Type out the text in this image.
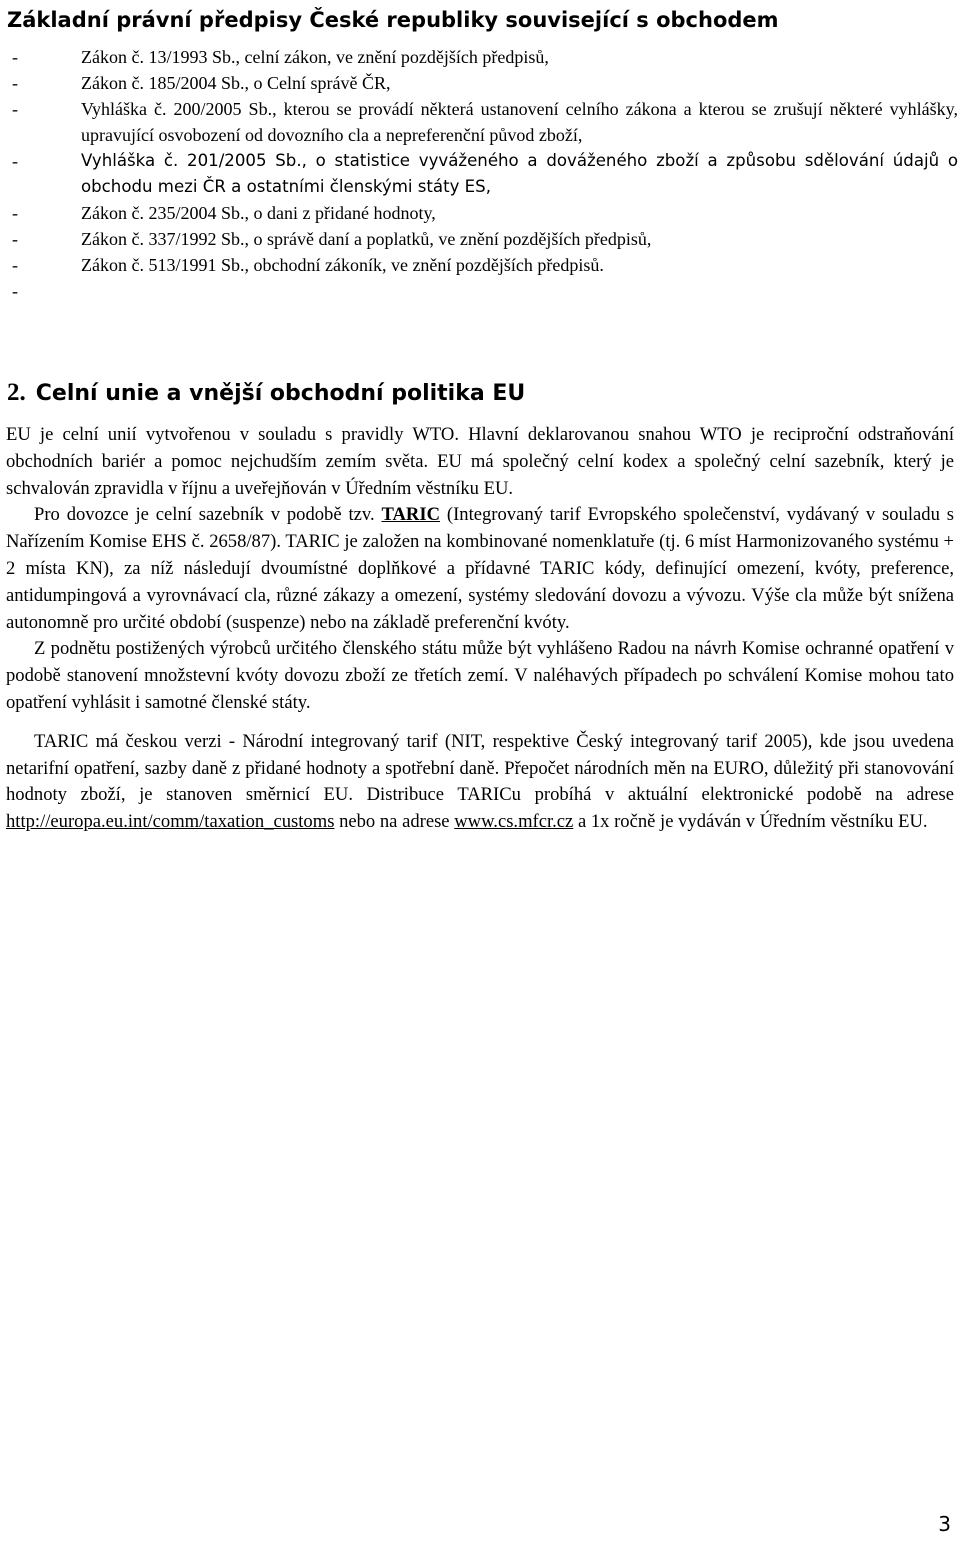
Základní právní předpisy České republiky související s obchodem
-	Zákon č. 13/1993 Sb., celní zákon, ve znění pozdějších předpisů,
-	Zákon č. 185/2004 Sb., o Celní správě ČR,
-	Vyhláška č. 200/2005 Sb., kterou se provádí některá ustanovení celního zákona a kterou se zrušují některé vyhlášky, upravující osvobození od dovozního cla a nepreferenční původ zboží,
-	Vyhláška č. 201/2005 Sb., o statistice vyváženého a dováženého zboží a způsobu sdělování údajů o obchodu mezi ČR a ostatními členskými státy ES,
-	Zákon č. 235/2004 Sb., o dani z přidané hodnoty,
-	Zákon č. 337/1992 Sb., o správě daní a poplatků, ve znění pozdějších předpisů,
-	Zákon č. 513/1991 Sb., obchodní zákoník, ve znění pozdějších předpisů.
-

2. Celní unie a vnější obchodní politika EU

EU je celní unií vytvořenou v souladu s pravidly WTO. Hlavní deklarovanou snahou WTO je reciproční odstraňování obchodních bariér a pomoc nejchudším zemím světa. EU má společný celní kodex a společný celní sazebník, který je schvalován zpravidla v říjnu a uveřejňován v Úředním věstníku EU.

Pro dovozce je celní sazebník v podobě tzv. TARIC (Integrovaný tarif Evropského společenství, vydávaný v souladu s Nařízením Komise EHS č. 2658/87). TARIC je založen na kombinované nomenklatuře (tj. 6 míst Harmonizovaného systému + 2 místa KN), za níž následují dvoumístné doplňkové a přídavné TARIC kódy, definující omezení, kvóty, preference, antidumpingová a vyrovnávací cla, různé zákazy a omezení, systémy sledování dovozu a vývozu. Výše cla může být snížena autonomně pro určité období (suspenze) nebo na základě preferenční kvóty.

Z podnětu postižených výrobců určitého členského státu může být vyhlášeno Radou na návrh Komise ochranné opatření v podobě stanovení množstevní kvóty dovozu zboží ze třetích zemí. V naléhavých případech po schválení Komise mohou tato opatření vyhlásit i samotné členské státy.

TARIC má českou verzi - Národní integrovaný tarif (NIT, respektive Český integrovaný tarif 2005), kde jsou uvedena netarifní opatření, sazby daně z přidané hodnoty a spotřební daně. Přepočet národních měn na EURO, důležitý při stanovování hodnoty zboží, je stanoven směrnicí EU. Distribuce TARICu probíhá v aktuální elektronické podobě na adrese http://europa.eu.int/comm/taxation_customs nebo na adrese www.cs.mfcr.cz a 1x ročně je vydáván v Úředním věstníku EU.

3
